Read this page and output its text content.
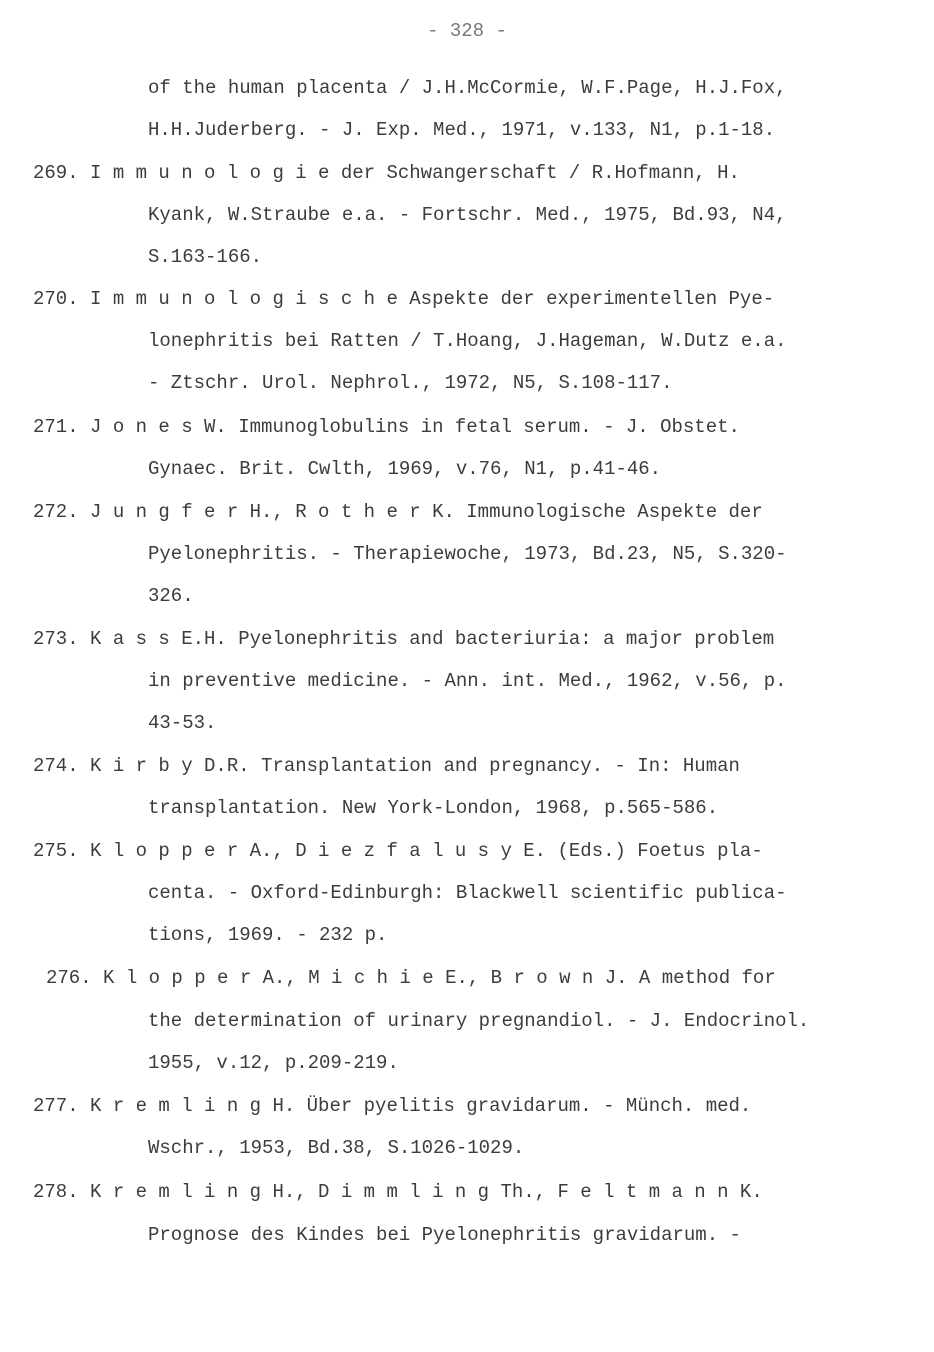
- 328 -
of the human placenta / J.H.McCormie, W.F.Page, H.J.Fox,
H.H.Juderberg. - J. Exp. Med., 1971, v.133, N1, p.1-18.
269. I m m u n o l o g i e der Schwangerschaft / R.Hofmann, H.
Kyank, W.Straube e.a. - Fortschr. Med., 1975, Bd.93, N4,
S.163-166.
270. I m m u n o l o g i s c h e Aspekte der experimentellen Pye-
lonephritis bei Ratten / T.Hoang, J.Hageman, W.Dutz e.a.
- Ztschr. Urol. Nephrol., 1972, N5, S.108-117.
271. J o n e s W. Immunoglobulins in fetal serum. - J. Obstet.
Gynaec. Brit. Cwlth, 1969, v.76, N1, p.41-46.
272. J u n g f e r H., R o t h e r K. Immunologische Aspekte der
Pyelonephritis. - Therapiewoche, 1973, Bd.23, N5, S.320-
326.
273. K a s s E.H. Pyelonephritis and bacteriuria: a major problem
in preventive medicine. - Ann. int. Med., 1962, v.56, p.
43-53.
274. K i r b y D.R. Transplantation and pregnancy. - In: Human
transplantation. New York-London, 1968, p.565-586.
275. K l o p p e r A., D i e z f a l u s y E. (Eds.) Foetus pla-
centa. - Oxford-Edinburgh: Blackwell scientific publica-
tions, 1969. - 232 p.
276. K l o p p e r A., M i c h i e E., B r o w n J. A method for
the determination of urinary pregnandiol. - J. Endocrinol.
1955, v.12, p.209-219.
277. K r e m l i n g H. Über pyelitis gravidarum. - Münch. med.
Wschr., 1953, Bd.38, S.1026-1029.
278. K r e m l i n g H., D i m m l i n g Th., F e l t m a n n K.
Prognose des Kindes bei Pyelonephritis gravidarum. -
